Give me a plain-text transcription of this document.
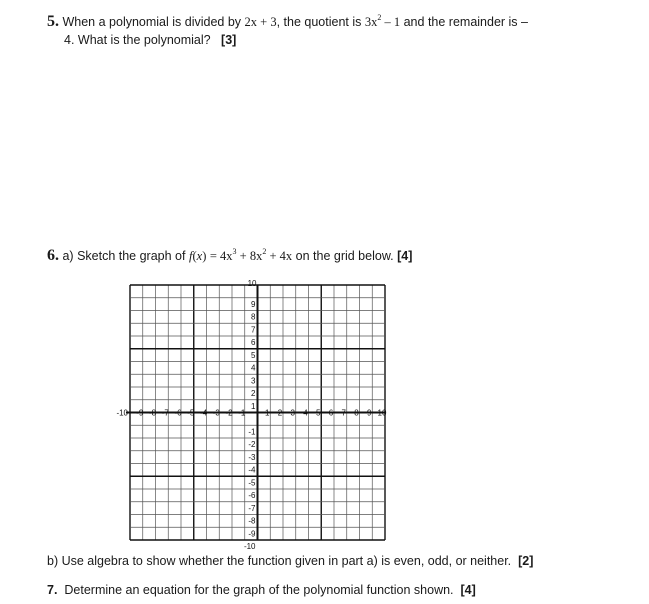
5. When a polynomial is divided by 2x + 3, the quotient is $3x^2 - 1$ and the remainder is –
4. What is the polynomial? [3]
6. a) Sketch the graph of $f(x) = 4x^3 + 8x^2 + 4x$ on the grid below. [4]
-10 -9 -8 -7 -6 -5 -4 -3 -2 -1 1 2 3 4 5 6 7 8 9 10
10
9
8
7
6
5
4
3
2
1
-1
-2
-3
-4
-5
-6
-7
-8
-9
-10
b) Use algebra to show whether the function given in part a) is even, odd, or neither. [2]
7. Determine an equation for the graph of the polynomial function shown. [4]
